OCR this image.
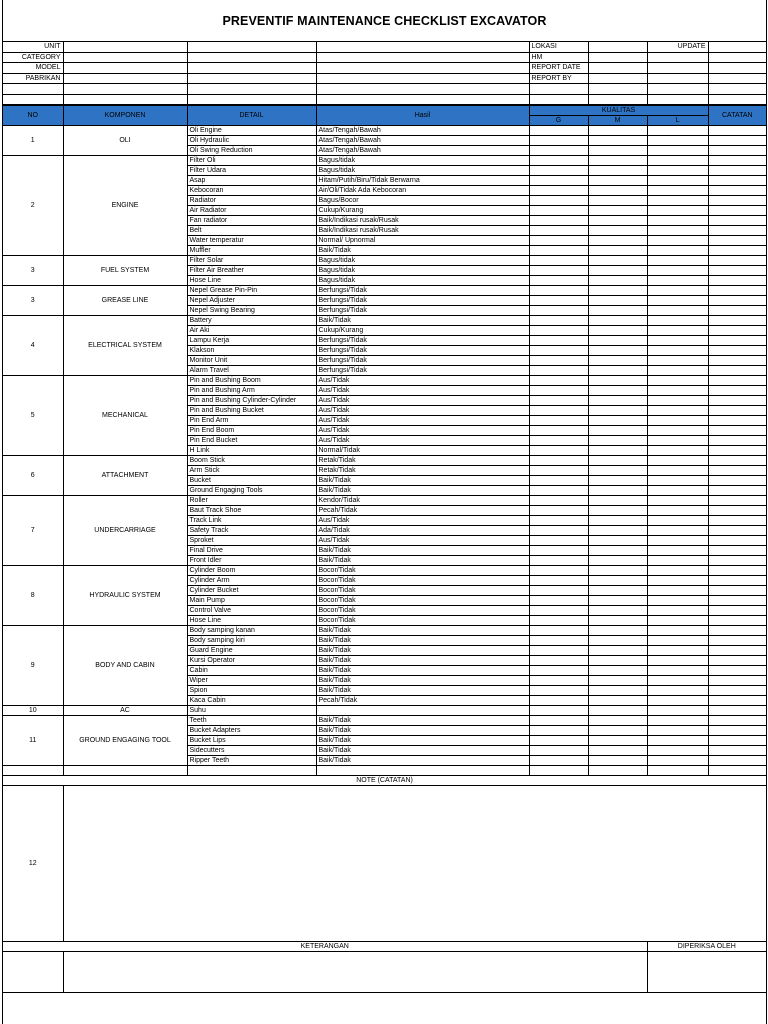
PREVENTIF MAINTENANCE CHECKLIST EXCAVATOR
UNIT				LOKASI		UPDATE	
CATEGORY				HM			
MODEL				REPORT DATE			
PABRIKAN				REPORT BY			

NO	KOMPONEN	DETAIL	Hasil	KUALITAS			CATATAN
				G	M	L	
1	OLI	Oli Engine	Atas/Tengah/Bawah				
		Oli Hydraulic	Atas/Tengah/Bawah				
		Oli Swing Reduction	Atas/Tengah/Bawah				
2	ENGINE	Filter Oli	Bagus/tidak				
		Filter Udara	Bagus/tidak				
		Asap	Hitam/Putih/Biru/Tidak Berwarna				
		Kebocoran	Air/Oli/Tidak Ada Kebocoran				
		Radiator	Bagus/Bocor				
		Air Radiator	Cukup/Kurang				
		Fan radiator	Baik/Indikasi rusak/Rusak				
		Belt	Baik/Indikasi rusak/Rusak				
		Water temperatur	Normal/ Upnormal				
		Muffler	Baik/Tidak				
3	FUEL SYSTEM	Filter Solar	Bagus/tidak				
		Filter Air Breather	Bagus/tidak				
		Hose Line	Bagus/tidak				
3	GREASE LINE	Nepel Grease Pin-Pin	Berfungsi/Tidak				
		Nepel Adjuster	Berfungsi/Tidak				
		Nepel Swing Bearing	Berfungsi/Tidak				
4	ELECTRICAL SYSTEM	Battery	Baik/Tidak				
		Air Aki	Cukup/Kurang				
		Lampu Kerja	Berfungsi/Tidak				
		Klakson	Berfungsi/Tidak				
		Monitor Unit	Berfungsi/Tidak				
		Alarm Travel	Berfungsi/Tidak				
5	MECHANICAL	Pin and Bushing Boom	Aus/Tidak				
		Pin and Bushing Arm	Aus/Tidak				
		Pin and Bushing Cylinder-Cylinder	Aus/Tidak				
		Pin and Bushing Bucket	Aus/Tidak				
		Pin End Arm	Aus/Tidak				
		Pin End Boom	Aus/Tidak				
		Pin End Bucket	Aus/Tidak				
		H Link	Normal/Tidak				
6	ATTACHMENT	Boom Stick	Retak/Tidak				
		Arm Stick	Retak/Tidak				
		Bucket	Baik/Tidak				
		Ground Engaging Tools	Baik/Tidak				
7	UNDERCARRIAGE	Roller	Kendor/Tidak				
		Baut Track Shoe	Pecah/Tidak				
		Track Link	Aus/Tidak				
		Safety Track	Ada/Tidak				
		Sproket	Aus/Tidak				
		Final Drive	Baik/Tidak				
		Front Idler	Baik/Tidak				
8	HYDRAULIC SYSTEM	Cylinder Boom	Bocor/Tidak				
		Cylinder Arm	Bocor/Tidak				
		Cylinder Bucket	Bocor/Tidak				
		Main Pump	Bocor/Tidak				
		Control Valve	Bocor/Tidak				
		Hose Line	Bocor/Tidak				
9	BODY AND CABIN	Body samping kanan	Baik/Tidak				
		Body samping kiri	Baik/Tidak				
		Guard Engine	Baik/Tidak				
		Kursi Operator	Baik/Tidak				
		Cabin	Baik/Tidak				
		Wiper	Baik/Tidak				
		Spion	Baik/Tidak				
		Kaca Cabin	Pecah/Tidak				
10	AC	Suhu					
11	GROUND ENGAGING TOOL	Teeth	Baik/Tidak				
		Bucket Adapters	Baik/Tidak				
		Bucket Lips	Baik/Tidak				
		Sidecutters	Baik/Tidak				
		Ripper Teeth	Baik/Tidak				

NOTE (CATATAN)		
12		
KETERANGAN		DIPERIKSA OLEH
